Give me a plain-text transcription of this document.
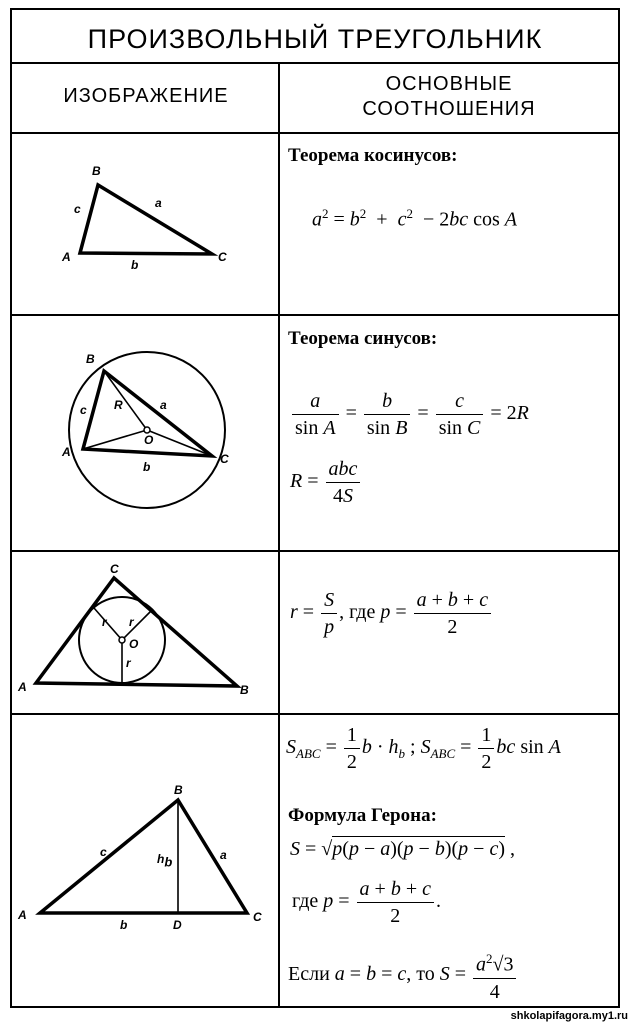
ПРОИЗВОЛЬНЫЙ ТРЕУГОЛЬНИК
ИЗОБРАЖЕНИЕ
ОСНОВНЫЕ
СООТНОШЕНИЯ
A
B
C
a
b
c
A
B
C
a
b
c R
O
A	B
C
r r
r
O
A
B
C
D
a
b
c	$h_b$
Теорема косинусов:
$a^2 = b^2 + c^2 - 2bc$ cos A
Теорема синусов:
$\frac{a}{\text{sin A}} = \frac{b}{\text{sin B}} = \frac{c}{\text{sin C}} = 2R$
$R = \frac{\text{abc}}{4S}$
$r = \frac{S}{p}$ , где $p = \frac{a + b + c}{2}$
$S_{ABC} = \frac{1}{2}$ $b \cdot h_b$ ; $S_{ABC} = \frac{1}{2}$ bc sin A
Формула Герона:
S = √p(p − a)(p − b)(p − c) ,
где $p = \frac{a + b + c}{2}$ .
Если a = b = c, то $S = \frac{a^2√3}{4}$
shkolapifagora.my1.ru
